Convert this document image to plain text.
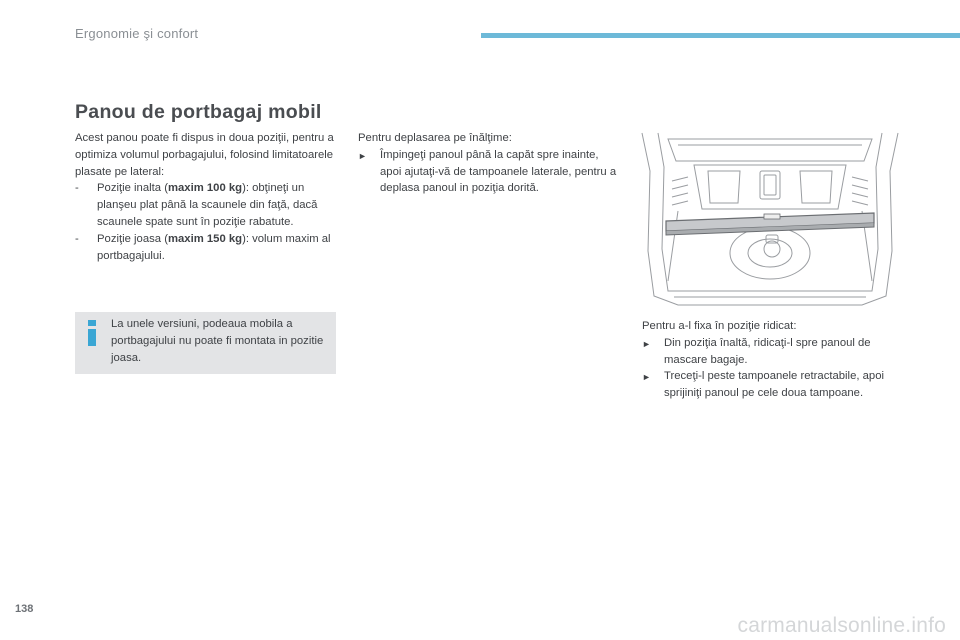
Ergonomie şi confort
Panou de portbagaj mobil

Acest panou poate fi dispus in doua poziţii, pentru a optimiza volumul porbagajului, folosind limitatoarele plasate pe lateral:

- Poziţie inalta (maxim 100 kg): obţineţi un planşeu plat până la scaunele din faţă, dacă scaunele spate sunt în poziţie rabatute.
- Poziţie joasa (maxim 150 kg): volum maxim al portbagajului.
La unele versiuni, podeaua mobila a portbagajului nu poate fi montata in pozitie joasa.

Pentru deplasarea pe înălţime:

► Împingeţi panoul până la capăt spre inainte, apoi ajutaţi-vă de tampoanele laterale, pentru a deplasa panoul in poziţia dorită.

Pentru a-l fixa în poziţie ridicat:

► Din poziţia înaltă, ridicaţi-l spre panoul de mascare bagaje.
► Treceţi-l peste tampoanele retractabile, apoi sprijiniţi panoul pe cele doua tampoane.
138
carmanualsonline.info
